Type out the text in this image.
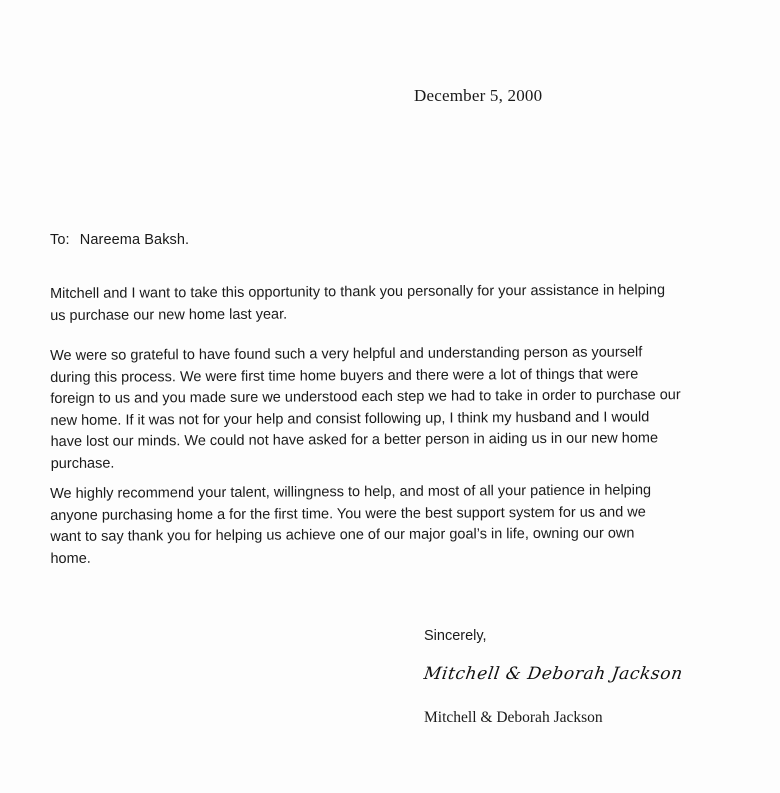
December 5, 2000
To: Nareema Baksh.
Mitchell and I want to take this opportunity to thank you personally for your assistance in helping
us purchase our new home last year.
We were so grateful to have found such a very helpful and understanding person as yourself
during this process. We were first time home buyers and there were a lot of things that were
foreign to us and you made sure we understood each step we had to take in order to purchase our
new home. If it was not for your help and consist following up, I think my husband and I would
have lost our minds. We could not have asked for a better person in aiding us in our new home
purchase.
We highly recommend your talent, willingness to help, and most of all your patience in helping
anyone purchasing home a for the first time. You were the best support system for us and we
want to say thank you for helping us achieve one of our major goal’s in life, owning our own
home.
Sincerely,
Mitchell & Deborah Jackson
Mitchell & Deborah Jackson
